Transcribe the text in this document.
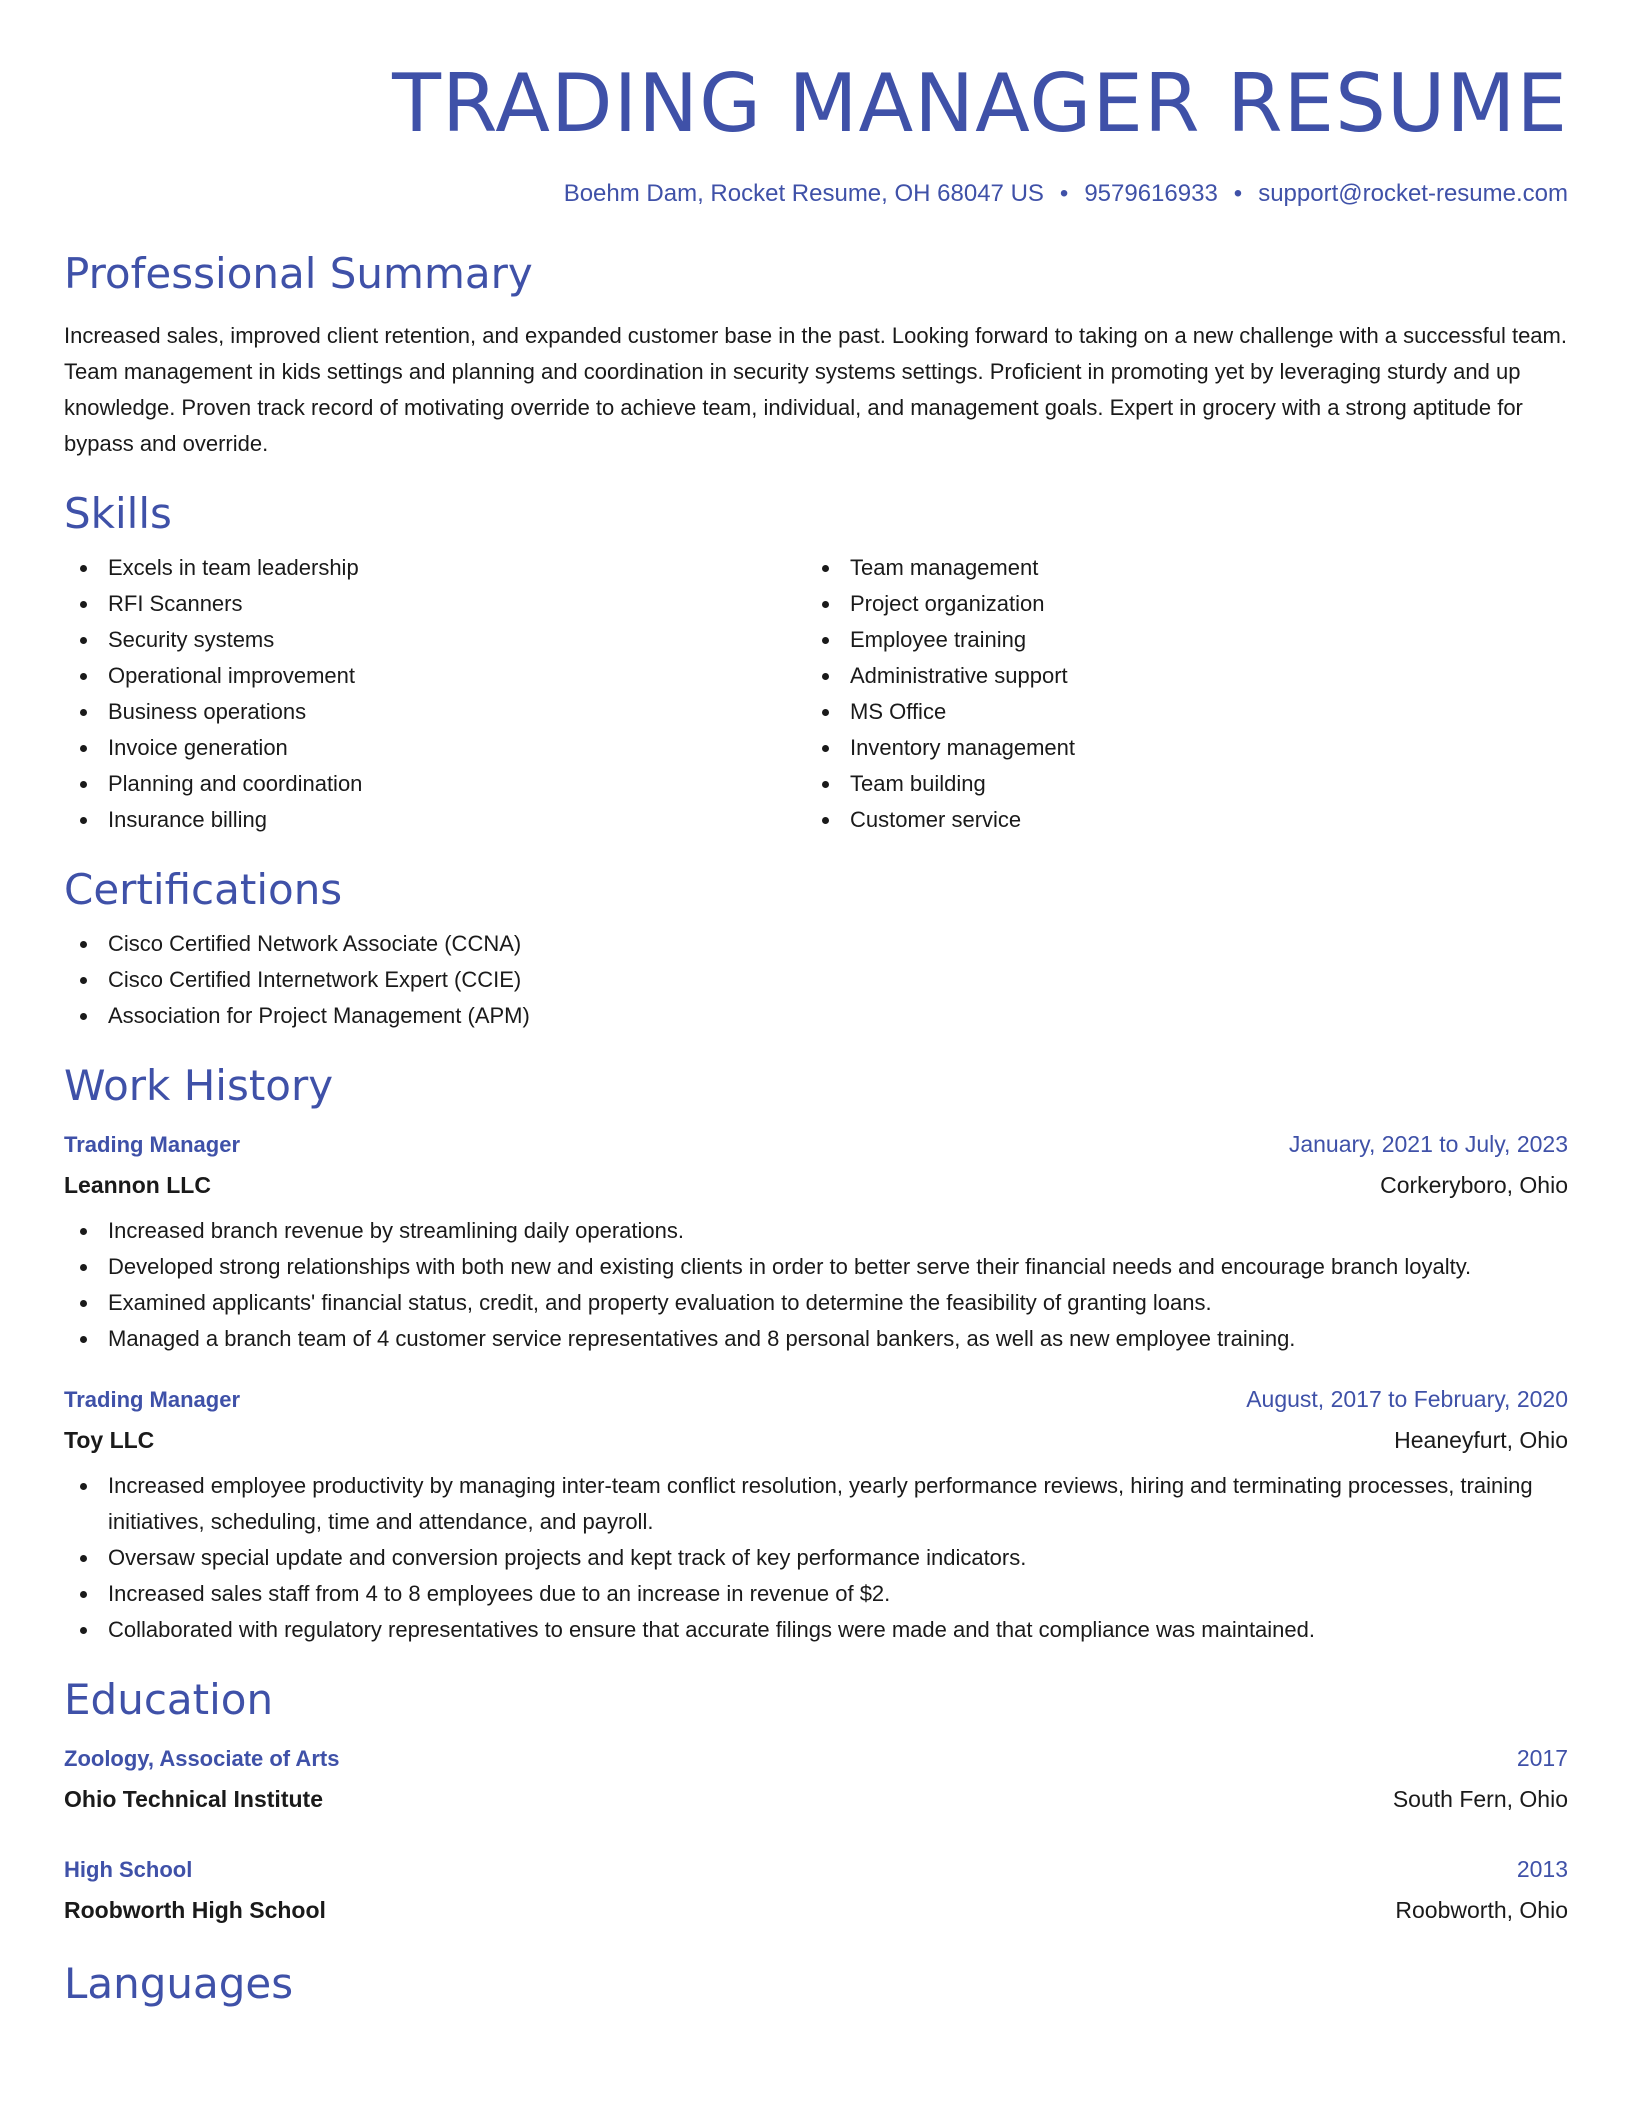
TRADING MANAGER RESUME
Boehm Dam, Rocket Resume, OH 68047 US • 9579616933 • support@rocket-resume.com
Professional Summary

Increased sales, improved client retention, and expanded customer base in the past. Looking forward to taking on a new challenge with a successful team. Team management in kids settings and planning and coordination in security systems settings. Proficient in promoting yet by leveraging sturdy and up knowledge. Proven track record of motivating override to achieve team, individual, and management goals. Expert in grocery with a strong aptitude for bypass and override.

Skills
Excels in team leadership
RFI Scanners
Security systems
Operational improvement
Business operations
Invoice generation
Planning and coordination
Insurance billing
Team management
Project organization
Employee training
Administrative support
MS Office
Inventory management
Team building
Customer service
Certifications
Cisco Certified Network Associate (CCNA)
Cisco Certified Internetwork Expert (CCIE)
Association for Project Management (APM)
Work History
Trading Manager	January, 2021 to July, 2023
Leannon LLC	Corkeryboro, Ohio
Increased branch revenue by streamlining daily operations.
Developed strong relationships with both new and existing clients in order to better serve their financial needs and encourage branch loyalty.
Examined applicants' financial status, credit, and property evaluation to determine the feasibility of granting loans.
Managed a branch team of 4 customer service representatives and 8 personal bankers, as well as new employee training.
Trading Manager	August, 2017 to February, 2020
Toy LLC	Heaneyfurt, Ohio
Increased employee productivity by managing inter-team conflict resolution, yearly performance reviews, hiring and terminating processes, training initiatives, scheduling, time and attendance, and payroll.
Oversaw special update and conversion projects and kept track of key performance indicators.
Increased sales staff from 4 to 8 employees due to an increase in revenue of $2.
Collaborated with regulatory representatives to ensure that accurate filings were made and that compliance was maintained.
Education
Zoology, Associate of Arts	2017
Ohio Technical Institute	South Fern, Ohio
High School	2013
Roobworth High School	Roobworth, Ohio
Languages
